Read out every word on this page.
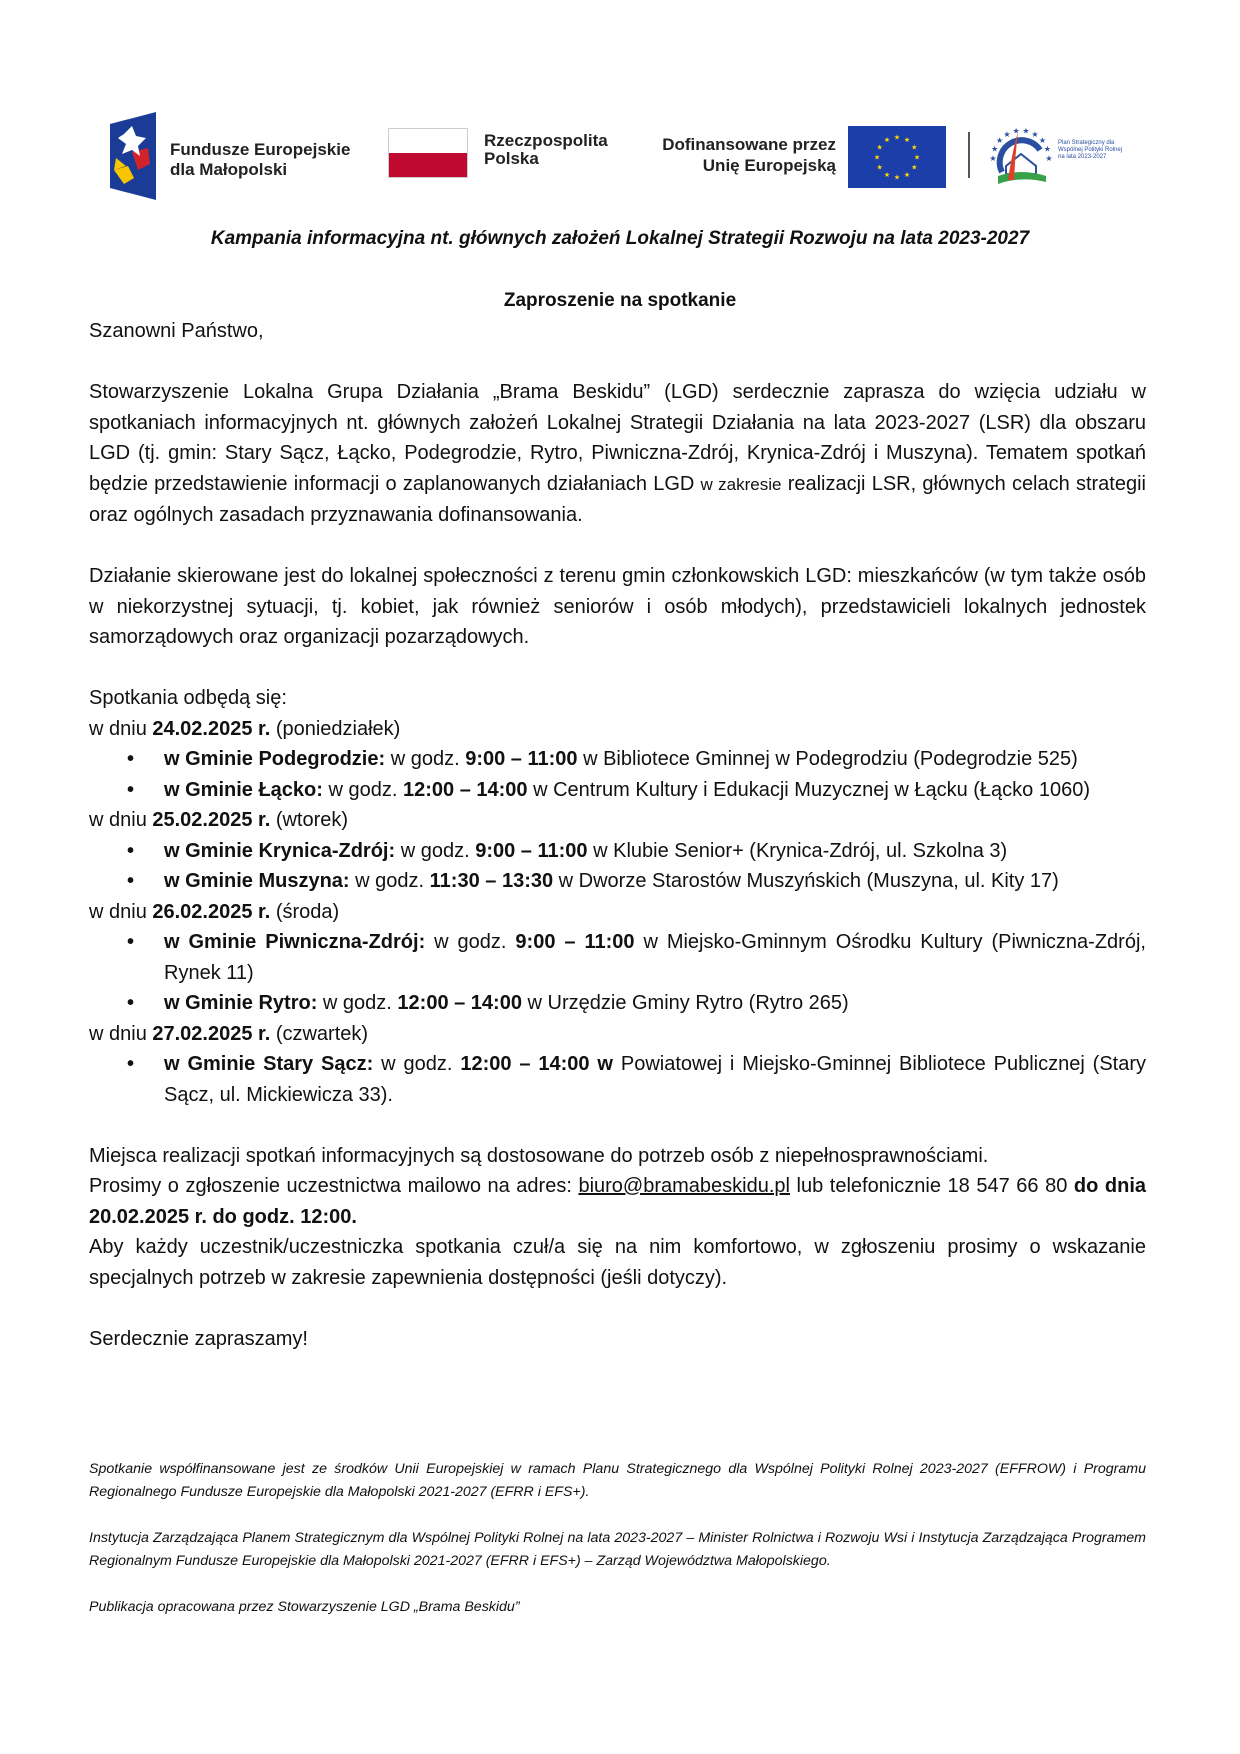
Fundusze Europejskie
dla Małopolski
Rzeczpospolita
Polska
Dofinansowane przez
Unię Europejską
★ ★
★
★
★
★
★
★
★
★
★
★
★
★
★
★ ★ ★ ★
★
★
★
Plan Strategiczny dla Wspólnej Polityki Rolnej na lata 2023-2027
Kampania informacyjna nt. głównych założeń Lokalnej Strategii Rozwoju na lata 2023-2027
Zaproszenie na spotkanie

Szanowni Państwo,

Stowarzyszenie Lokalna Grupa Działania „Brama Beskidu” (LGD) serdecznie zaprasza do wzięcia udziału w spotkaniach informacyjnych nt. głównych założeń Lokalnej Strategii Działania na lata 2023-2027 (LSR) dla obszaru LGD (tj. gmin: Stary Sącz, Łącko, Podegrodzie, Rytro, Piwniczna-Zdrój, Krynica-Zdrój i Muszyna). Tematem spotkań będzie przedstawienie informacji o zaplanowanych działaniach LGD w zakresie realizacji LSR, głównych celach strategii oraz ogólnych zasadach przyznawania dofinansowania.

Działanie skierowane jest do lokalnej społeczności z terenu gmin członkowskich LGD: mieszkańców (w tym także osób w niekorzystnej sytuacji, tj. kobiet, jak również seniorów i osób młodych), przedstawicieli lokalnych jednostek samorządowych oraz organizacji pozarządowych.

Spotkania odbędą się:

w dniu 24.02.2025 r. (poniedziałek)

• w Gminie Podegrodzie: w godz. 9:00 – 11:00 w Bibliotece Gminnej w Podegrodziu (Podegrodzie 525)
• w Gminie Łącko: w godz. 12:00 – 14:00 w Centrum Kultury i Edukacji Muzycznej w Łącku (Łącko 1060)

w dniu 25.02.2025 r. (wtorek)

• w Gminie Krynica-Zdrój: w godz. 9:00 – 11:00 w Klubie Senior+ (Krynica-Zdrój, ul. Szkolna 3)
• w Gminie Muszyna: w godz. 11:30 – 13:30 w Dworze Starostów Muszyńskich (Muszyna, ul. Kity 17)

w dniu 26.02.2025 r. (środa)

• w Gminie Piwniczna-Zdrój: w godz. 9:00 – 11:00 w Miejsko-Gminnym Ośrodku Kultury (Piwniczna-Zdrój, Rynek 11)
• w Gminie Rytro: w godz. 12:00 – 14:00 w Urzędzie Gminy Rytro (Rytro 265)

w dniu 27.02.2025 r. (czwartek)

• w Gminie Stary Sącz: w godz. 12:00 – 14:00 w Powiatowej i Miejsko-Gminnej Bibliotece Publicznej (Stary Sącz, ul. Mickiewicza 33).

Miejsca realizacji spotkań informacyjnych są dostosowane do potrzeb osób z niepełnosprawnościami.

Prosimy o zgłoszenie uczestnictwa mailowo na adres: biuro@bramabeskidu.pl lub telefonicznie 18 547 66 80 do dnia 20.02.2025 r. do godz. 12:00.

Aby każdy uczestnik/uczestniczka spotkania czuł/a się na nim komfortowo, w zgłoszeniu prosimy o wskazanie specjalnych potrzeb w zakresie zapewnienia dostępności (jeśli dotyczy).

Serdecznie zapraszamy!

Spotkanie współfinansowane jest ze środków Unii Europejskiej w ramach Planu Strategicznego dla Wspólnej Polityki Rolnej 2023-2027 (EFFROW) i Programu Regionalnego Fundusze Europejskie dla Małopolski 2021-2027 (EFRR i EFS+).

Instytucja Zarządzająca Planem Strategicznym dla Wspólnej Polityki Rolnej na lata 2023-2027 – Minister Rolnictwa i Rozwoju Wsi i Instytucja Zarządzająca Programem Regionalnym Fundusze Europejskie dla Małopolski 2021-2027 (EFRR i EFS+) – Zarząd Województwa Małopolskiego.

Publikacja opracowana przez Stowarzyszenie LGD „Brama Beskidu”
